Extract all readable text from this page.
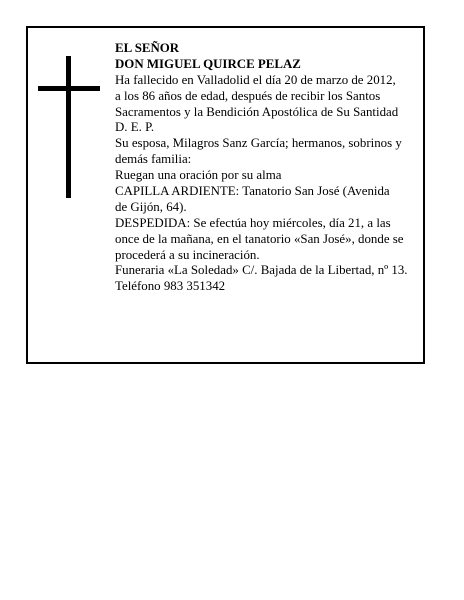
EL SEÑOR
DON MIGUEL QUIRCE PELAZ
Ha fallecido en Valladolid el día 20 de marzo de 2012,
a los 86 años de edad, después de recibir los Santos
Sacramentos y la Bendición Apostólica de Su Santidad
D. E. P.
Su esposa, Milagros Sanz García; hermanos, sobrinos y
demás familia:
Ruegan una oración por su alma
CAPILLA ARDIENTE: Tanatorio San José (Avenida
de Gijón, 64).
DESPEDIDA: Se efectúa hoy miércoles, día 21, a las
once de la mañana, en el tanatorio «San José», donde se
procederá a su incineración.
Funeraria «La Soledad» C/. Bajada de la Libertad, nº 13.
Teléfono 983 351342
